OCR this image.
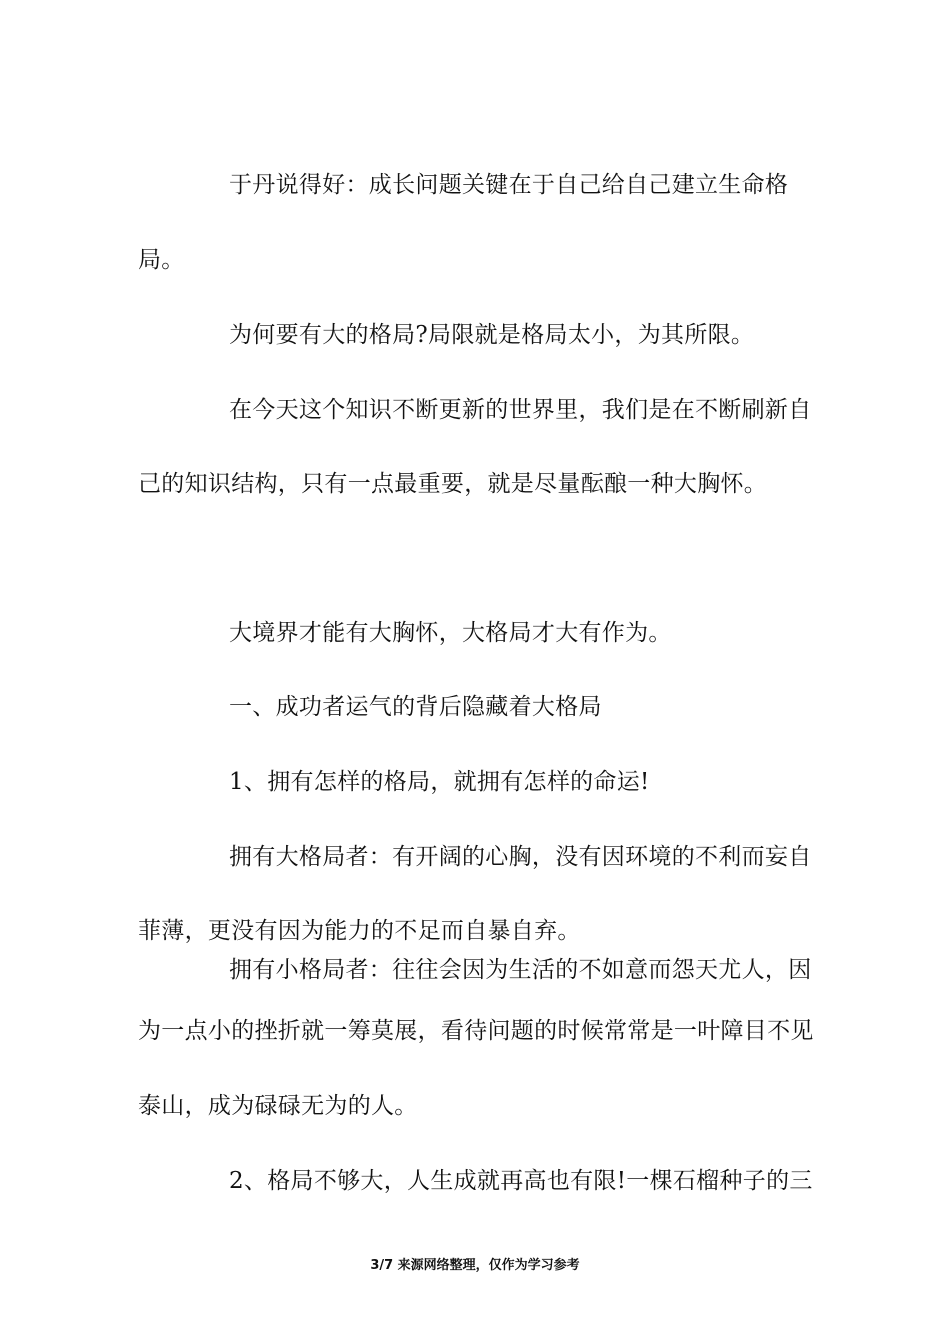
于丹说得好：成长问题关键在于自己给自己建立生命格
局。
为何要有大的格局?局限就是格局太小，为其所限。
在今天这个知识不断更新的世界里，我们是在不断刷新自
己的知识结构，只有一点最重要，就是尽量酝酿一种大胸怀。
大境界才能有大胸怀，大格局才大有作为。
一、成功者运气的背后隐藏着大格局
1、拥有怎样的格局，就拥有怎样的命运!
拥有大格局者：有开阔的心胸，没有因环境的不利而妄自
菲薄，更没有因为能力的不足而自暴自弃。
拥有小格局者：往往会因为生活的不如意而怨天尤人，因
为一点小的挫折就一筹莫展，看待问题的时候常常是一叶障目不见
泰山，成为碌碌无为的人。
2、格局不够大，人生成就再高也有限!一棵石榴种子的三
3/7 来源网络整理，仅作为学习参考
